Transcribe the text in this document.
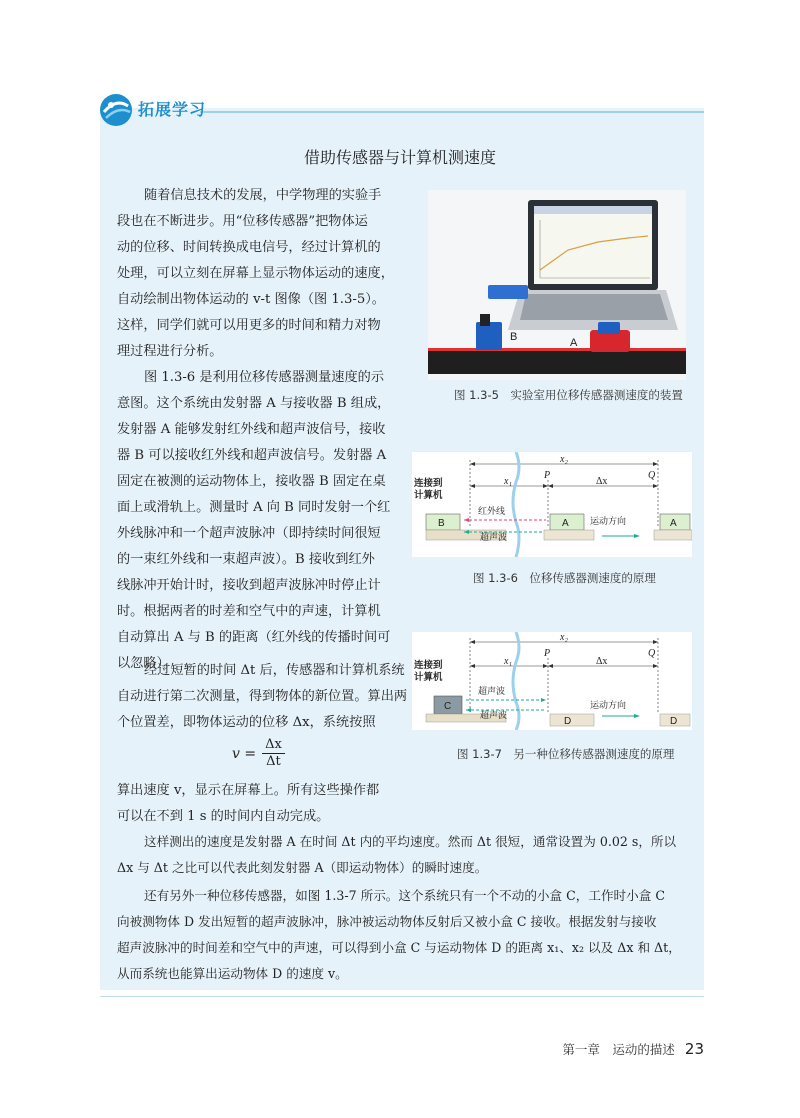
拓展学习
借助传感器与计算机测速度
随着信息技术的发展，中学物理的实验手
段也在不断进步。用“位移传感器”把物体运
动的位移、时间转换成电信号，经过计算机的
处理，可以立刻在屏幕上显示物体运动的速度，
自动绘制出物体运动的 v-t 图像（图 1.3-5）。
这样，同学们就可以用更多的时间和精力对物
理过程进行分析。
图 1.3-6 是利用位移传感器测量速度的示
意图。这个系统由发射器 A 与接收器 B 组成，
发射器 A 能够发射红外线和超声波信号，接收
器 B 可以接收红外线和超声波信号。发射器 A
固定在被测的运动物体上，接收器 B 固定在桌
面上或滑轨上。测量时 A 向 B 同时发射一个红
外线脉冲和一个超声波脉冲（即持续时间很短
的一束红外线和一束超声波）。B 接收到红外
线脉冲开始计时，接收到超声波脉冲时停止计
时。根据两者的时差和空气中的声速，计算机
自动算出 A 与 B 的距离（红外线的传播时间可
以忽略）。
经过短暂的时间 Δt 后，传感器和计算机系统
自动进行第二次测量，得到物体的新位置。算出两
个位置差，即物体运动的位移 Δx，系统按照
$v = \frac{\Delta x}{\Delta t}$
算出速度 v，显示在屏幕上。所有这些操作都
可以在不到 1 s 的时间内自动完成。
这样测出的速度是发射器 A 在时间 Δt 内的平均速度。然而 Δt 很短，通常设置为 0.02 s，所以
Δx 与 Δt 之比可以代表此刻发射器 A（即运动物体）的瞬时速度。
还有另外一种位移传感器，如图 1.3-7 所示。这个系统只有一个不动的小盒 C，工作时小盒 C
向被测物体 D 发出短暂的超声波脉冲，脉冲被运动物体反射后又被小盒 C 接收。根据发射与接收
超声波脉冲的时间差和空气中的声速，可以得到小盒 C 与运动物体 D 的距离 x₁、x₂ 以及 Δx 和 Δt，
从而系统也能算出运动物体 D 的速度 v。
B	A
图 1.3-5　实验室用位移传感器测速度的装置
x₂
x₁
P	Q
Δx
连接到
计算机
B
红外线
超声波
A 运动方向	A
图 1.3-6　位移传感器测速度的原理
x₂
x₁
P	Q
Δx
连接到
计算机
C
超声波
超声波	D
运动方向
D
图 1.3-7　另一种位移传感器测速度的原理
第一章　运动的描述 23
